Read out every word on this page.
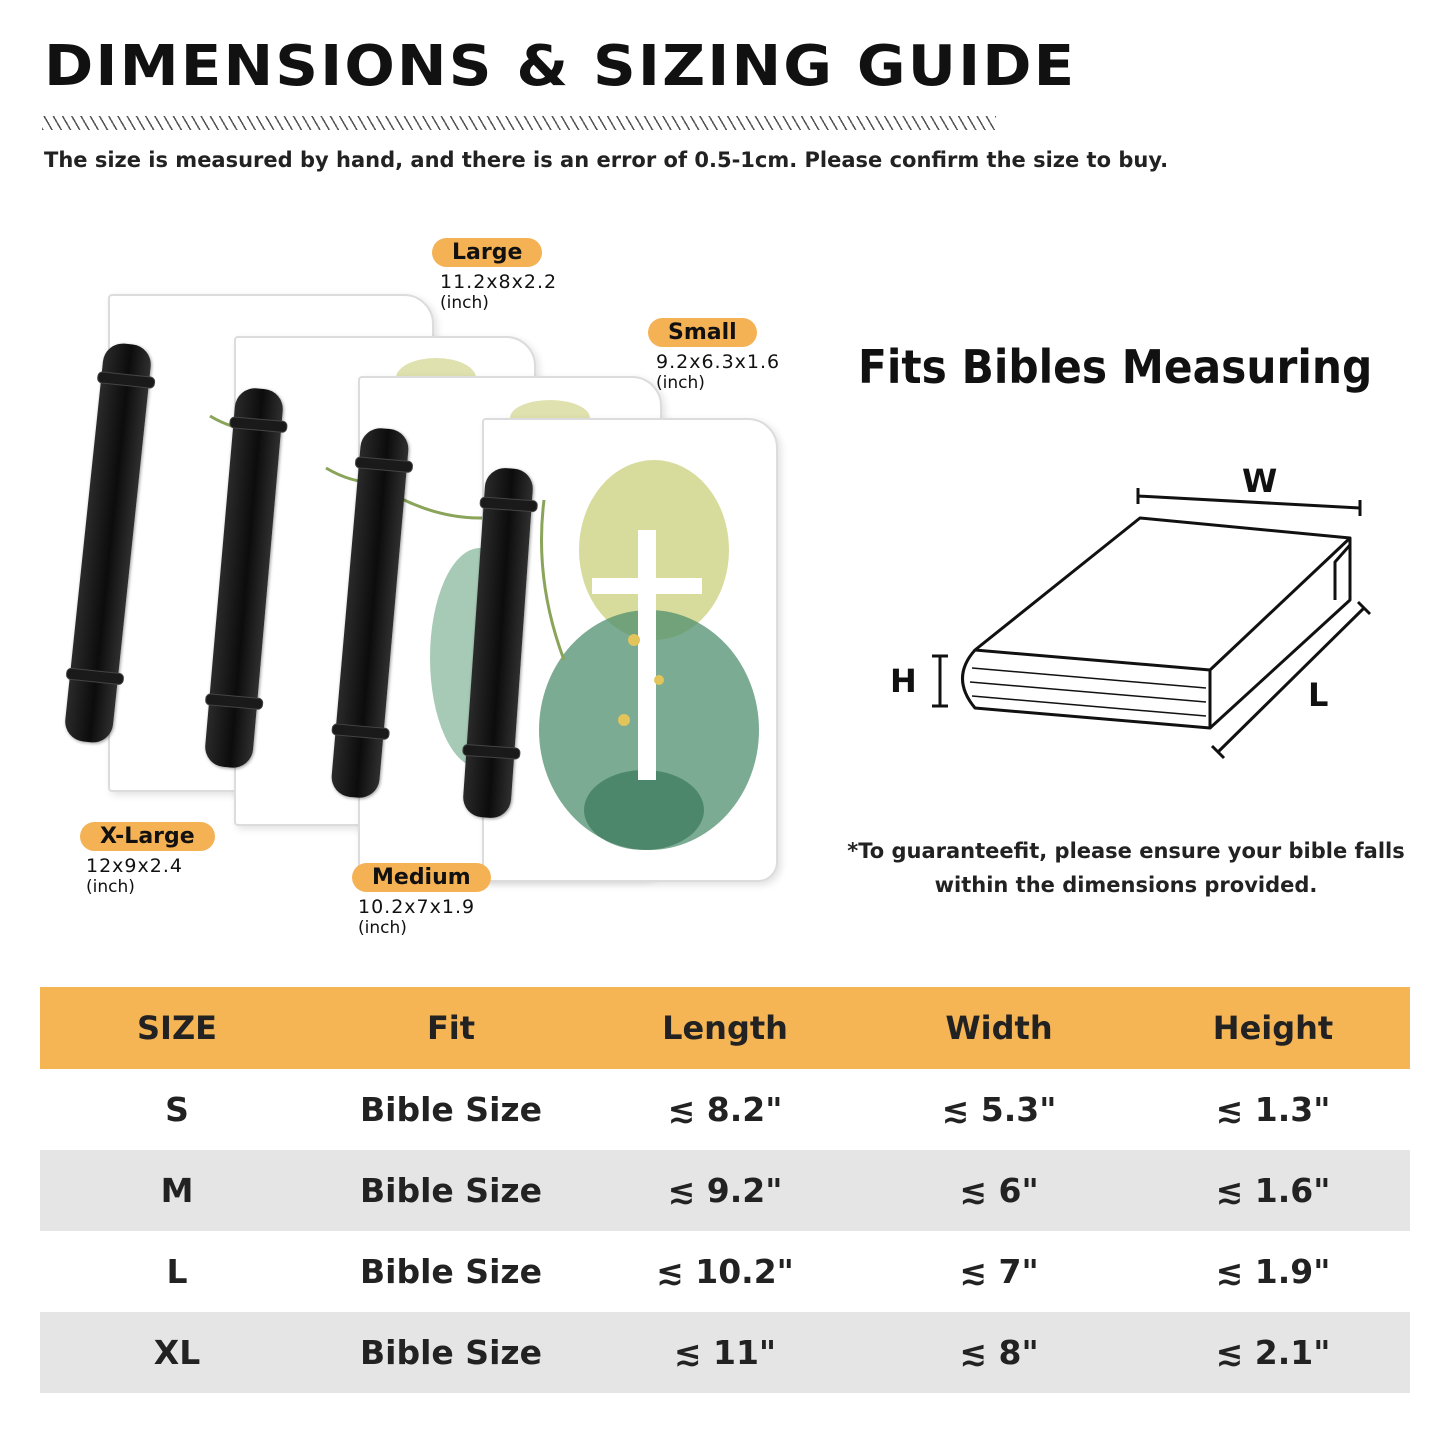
DIMENSIONS & SIZING GUIDE
The size is measured by hand, and there is an error of 0.5-1cm. Please confirm the size to buy.
Large
11.2x8x2.2
(inch)
Small
9.2x6.3x1.6
(inch)
X-Large
12x9x2.4
(inch)	Medium
10.2x7x1.9
(inch)
Fits Bibles Measuring
W
H	L
*To guaranteefit, please ensure your bible falls
within the dimensions provided.
SIZE	Fit	Length	Width	Height
S	Bible Size	≲ 8.2"	≲ 5.3"	≲ 1.3"
M	Bible Size	≲ 9.2"	≲ 6"	≲ 1.6"
L	Bible Size	≲ 10.2"	≲ 7"	≲ 1.9"
XL	Bible Size	≲ 11"	≲ 8"	≲ 2.1"
